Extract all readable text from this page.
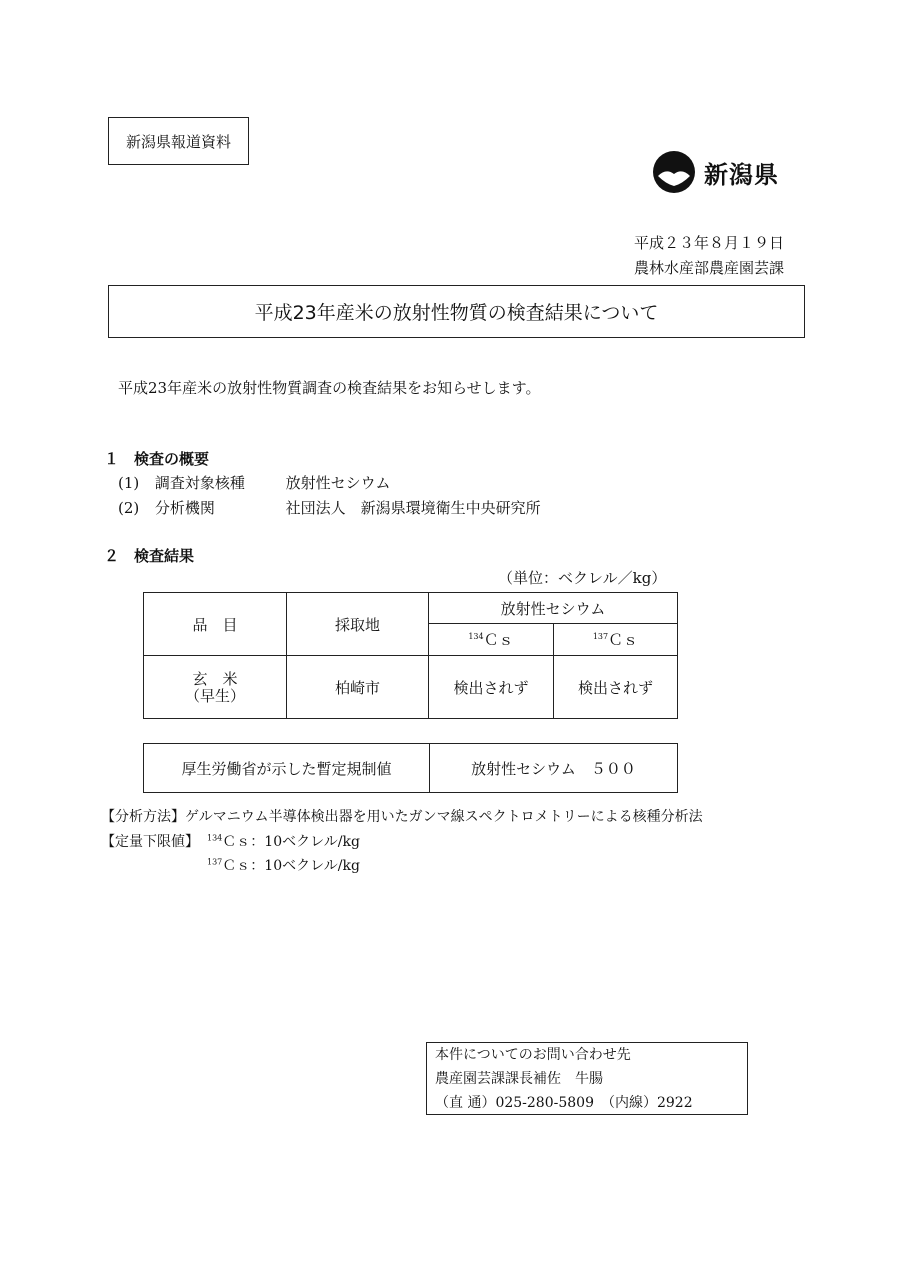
新潟県報道資料
新潟県
平成２３年８月１９日
農林水産部農産園芸課
平成23年産米の放射性物質の検査結果について
平成23年産米の放射性物質調査の検査結果をお知らせします。
１　検査の概要
(1) 調査対象核種	放射性セシウム
(2) 分析機関	社団法人　新潟県環境衛生中央研究所
２　検査結果
（単位：ベクレル／kg）
品　目	採取地	放射性セシウム	
		$^{134}$Ｃｓ	$^{137}$Ｃｓ

玄　米
（早生）	柏崎市	検出されず	検出されず
厚生労働省が示した暫定規制値	放射性セシウム　５００
【分析方法】ゲルマニウム半導体検出器を用いたガンマ線スペクトロメトリーによる核種分析法
【定量下限値】 $^{134}$Ｃｓ：10ベクレル/kg
$^{137}$Ｃｓ：10ベクレル/kg
本件についてのお問い合わせ先
農産園芸課課長補佐　牛腸
（直 通）025-280-5809　（内線）2922
